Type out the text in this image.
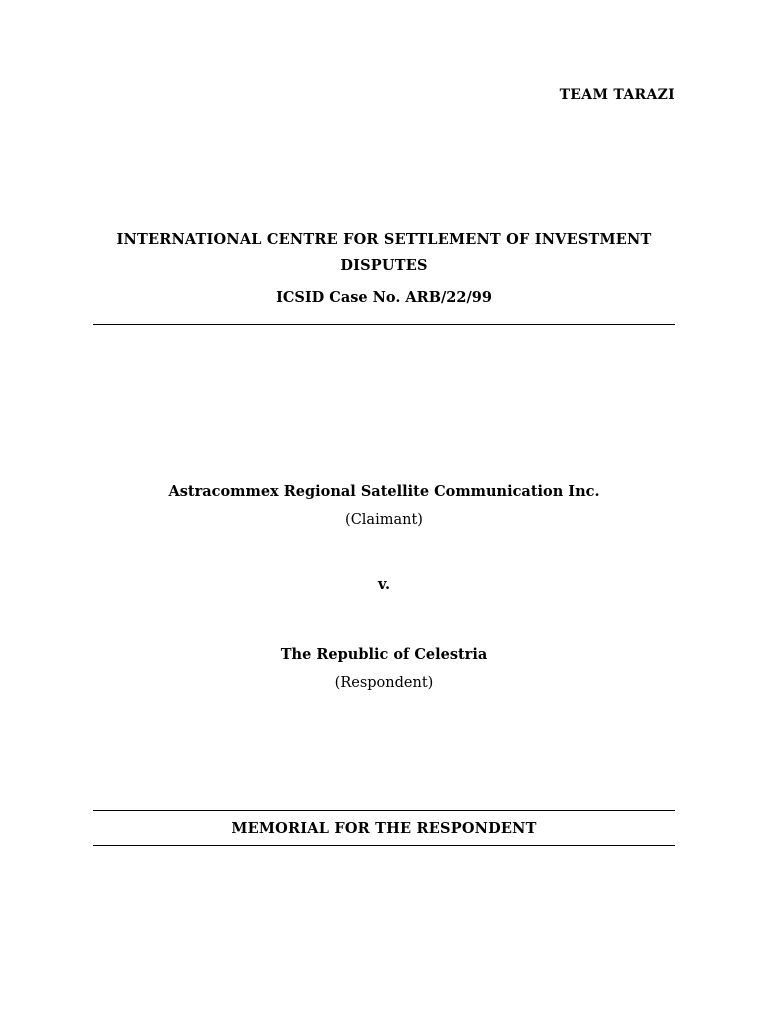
TEAM TARAZI
INTERNATIONAL CENTRE FOR SETTLEMENT OF INVESTMENT DISPUTES
ICSID Case No. ARB/22/99
Astracommex Regional Satellite Communication Inc.
(Claimant)
v.
The Republic of Celestria
(Respondent)
MEMORIAL FOR THE RESPONDENT
